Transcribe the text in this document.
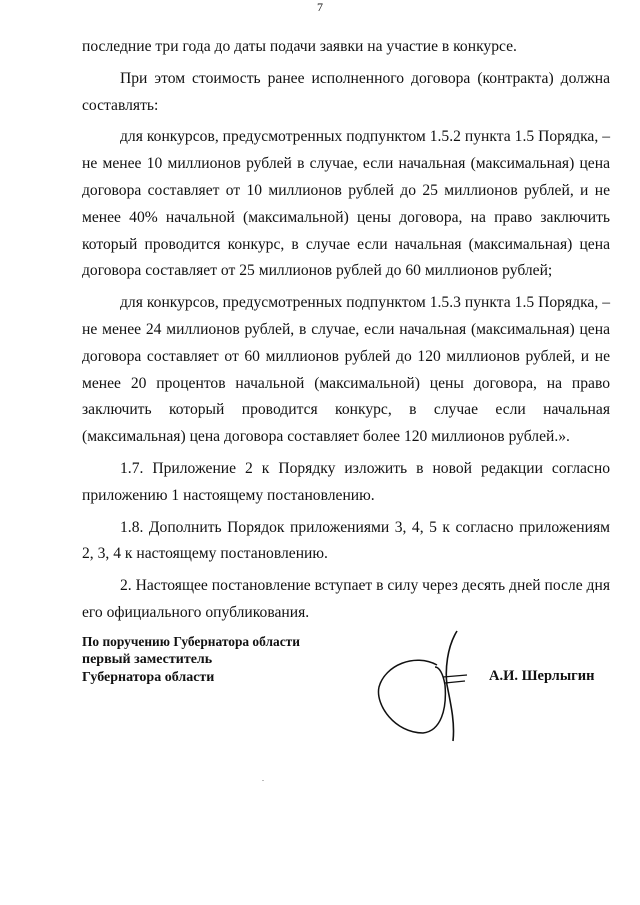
7

последние три года до даты подачи заявки на участие в конкурсе.

При этом стоимость ранее исполненного договора (контракта) должна составлять:

для конкурсов, предусмотренных подпунктом 1.5.2 пункта 1.5 Порядка, – не менее 10 миллионов рублей в случае, если начальная (максимальная) цена договора составляет от 10 миллионов рублей до 25 миллионов рублей, и не менее 40% начальной (максимальной) цены договора, на право заключить который проводится конкурс, в случае если начальная (максимальная) цена договора составляет от 25 миллионов рублей до 60 миллионов рублей;

для конкурсов, предусмотренных подпунктом 1.5.3 пункта 1.5 Порядка, – не менее 24 миллионов рублей, в случае, если начальная (максимальная) цена договора составляет от 60 миллионов рублей до 120 миллионов рублей, и не менее 20 процентов начальной (максимальной) цены договора, на право заключить который проводится конкурс, в случае если начальная (максимальная) цена договора составляет более 120 миллионов рублей.».

1.7. Приложение 2 к Порядку изложить в новой редакции согласно приложению 1 настоящему постановлению.

1.8. Дополнить Порядок приложениями 3, 4, 5 к согласно приложениям 2, 3, 4 к настоящему постановлению.

2. Настоящее постановление вступает в силу через десять дней после дня его официального опубликования.

По поручению Губернатора области
первый заместитель
Губернатора области	А.И. Шерлыгин
